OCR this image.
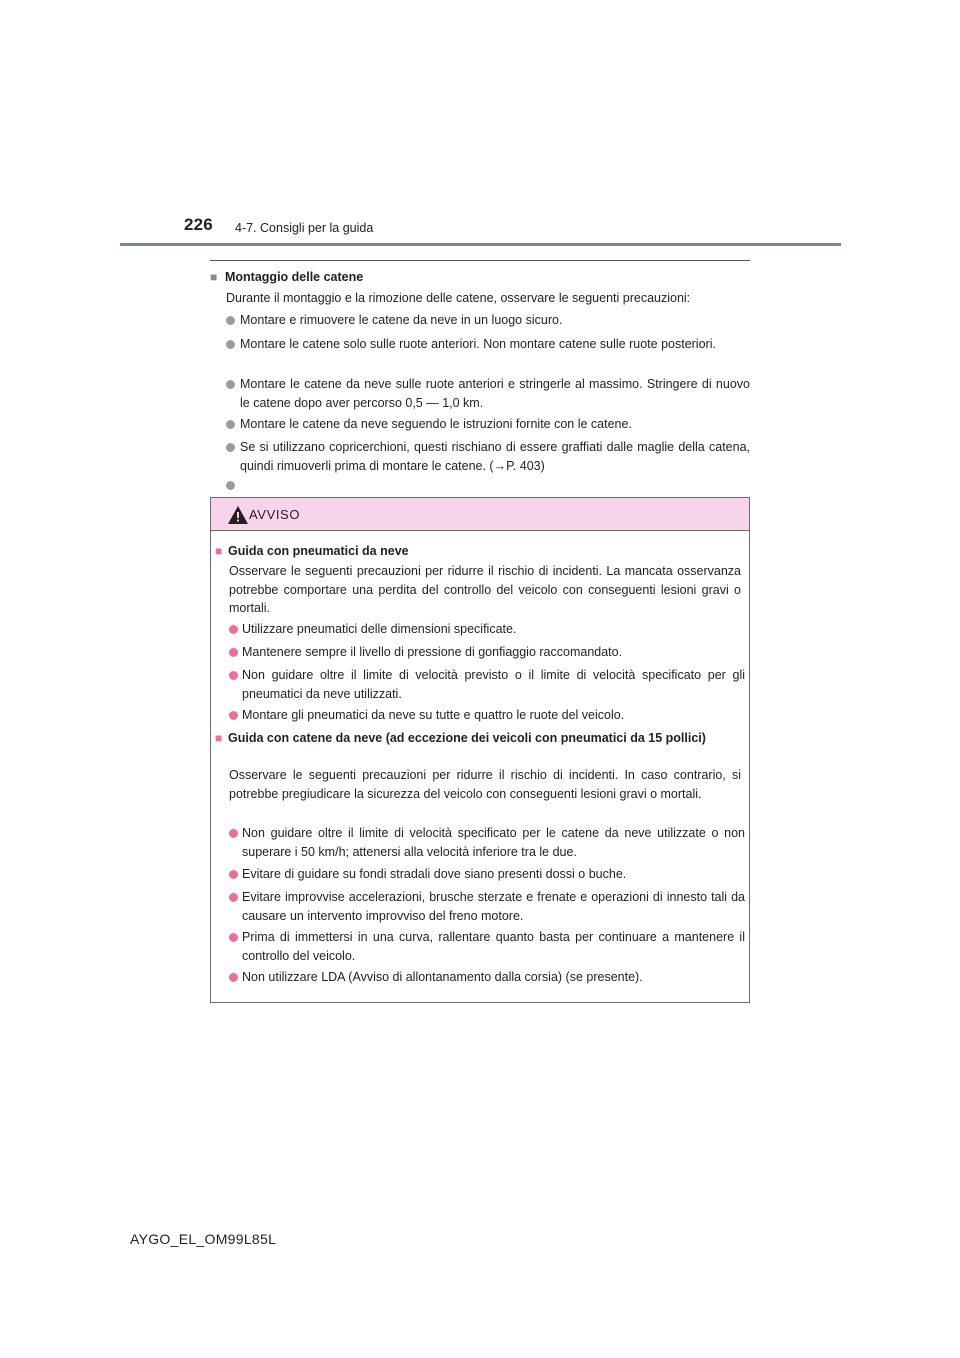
226 4-7. Consigli per la guida
■ Montaggio delle catene
Durante il montaggio e la rimozione delle catene, osservare le seguenti precauzioni:
Montare e rimuovere le catene da neve in un luogo sicuro.
Montare le catene solo sulle ruote anteriori. Non montare catene sulle ruote posteriori.
Montare le catene da neve sulle ruote anteriori e stringerle al massimo. Stringere di nuovo le catene dopo aver percorso 0,5 — 1,0 km.
Montare le catene da neve seguendo le istruzioni fornite con le catene.
Se si utilizzano copricerchioni, questi rischiano di essere graffiati dalle maglie della catena, quindi rimuoverli prima di montare le catene. (→P. 403)
AVVISO
■ Guida con pneumatici da neve
Osservare le seguenti precauzioni per ridurre il rischio di incidenti. La mancata osservanza potrebbe comportare una perdita del controllo del veicolo con conseguenti lesioni gravi o mortali.
Utilizzare pneumatici delle dimensioni specificate.
Mantenere sempre il livello di pressione di gonfiaggio raccomandato.
Non guidare oltre il limite di velocità previsto o il limite di velocità specificato per gli pneumatici da neve utilizzati.
Montare gli pneumatici da neve su tutte e quattro le ruote del veicolo.
■ Guida con catene da neve (ad eccezione dei veicoli con pneumatici da 15 pollici)
Osservare le seguenti precauzioni per ridurre il rischio di incidenti. In caso contrario, si potrebbe pregiudicare la sicurezza del veicolo con conseguenti lesioni gravi o mortali.
Non guidare oltre il limite di velocità specificato per le catene da neve utilizzate o non superare i 50 km/h; attenersi alla velocità inferiore tra le due.
Evitare di guidare su fondi stradali dove siano presenti dossi o buche.
Evitare improvvise accelerazioni, brusche sterzate e frenate e operazioni di innesto tali da causare un intervento improvviso del freno motore.
Prima di immettersi in una curva, rallentare quanto basta per continuare a mantenere il controllo del veicolo.
Non utilizzare LDA (Avviso di allontanamento dalla corsia) (se presente).
AYGO_EL_OM99L85L
